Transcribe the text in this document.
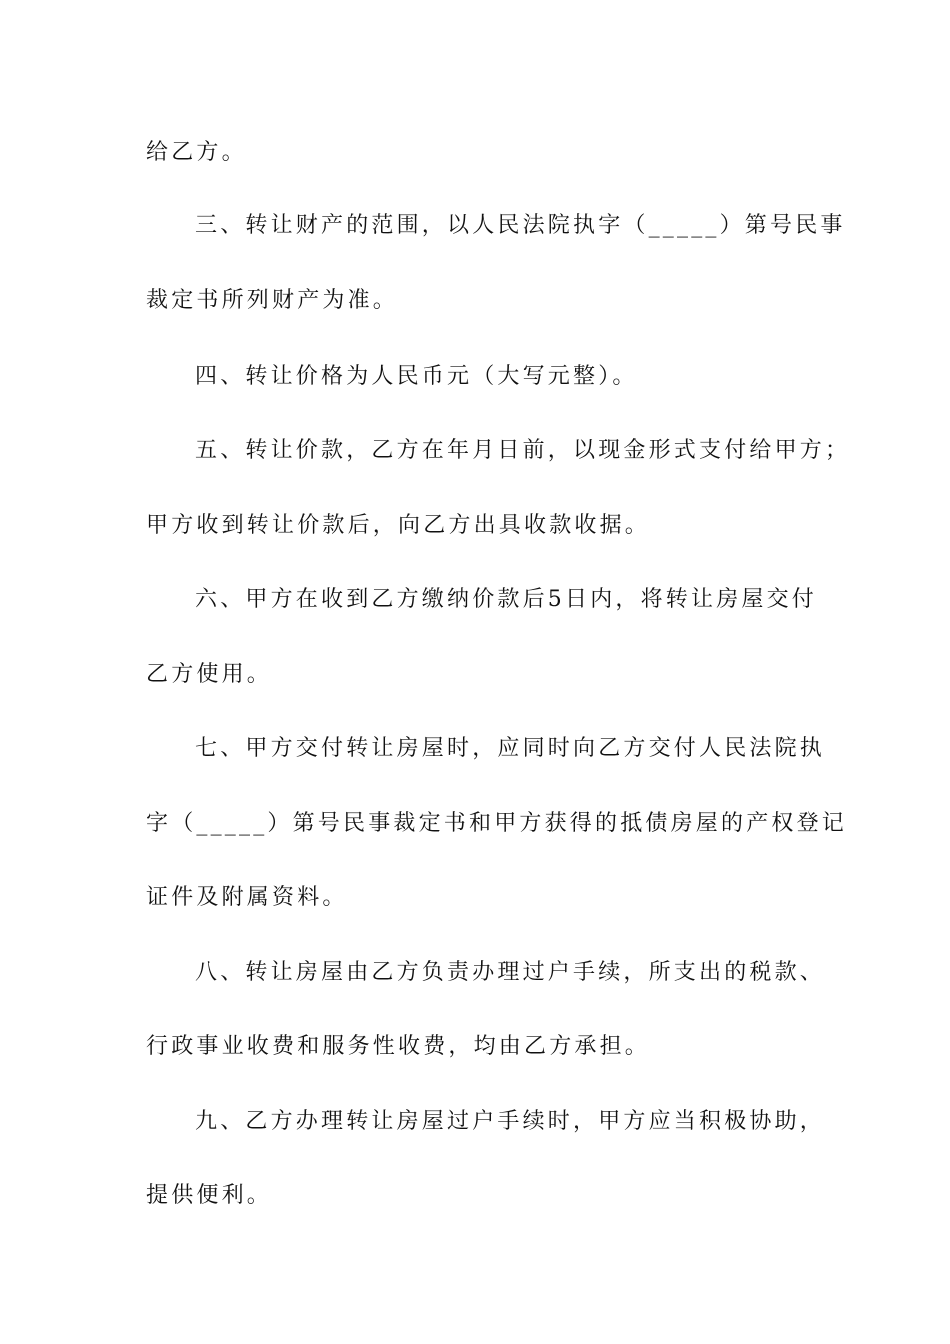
给乙方。
三、转让财产的范围，以人民法院执字（_____）第号民事
裁定书所列财产为准。
四、转让价格为人民币元（大写元整）。
五、转让价款，乙方在年月日前，以现金形式支付给甲方；
甲方收到转让价款后，向乙方出具收款收据。
六、甲方在收到乙方缴纳价款后5日内，将转让房屋交付
乙方使用。
七、甲方交付转让房屋时，应同时向乙方交付人民法院执
字（_____）第号民事裁定书和甲方获得的抵债房屋的产权登记
证件及附属资料。
八、转让房屋由乙方负责办理过户手续，所支出的税款、
行政事业收费和服务性收费，均由乙方承担。
九、乙方办理转让房屋过户手续时，甲方应当积极协助，
提供便利。
